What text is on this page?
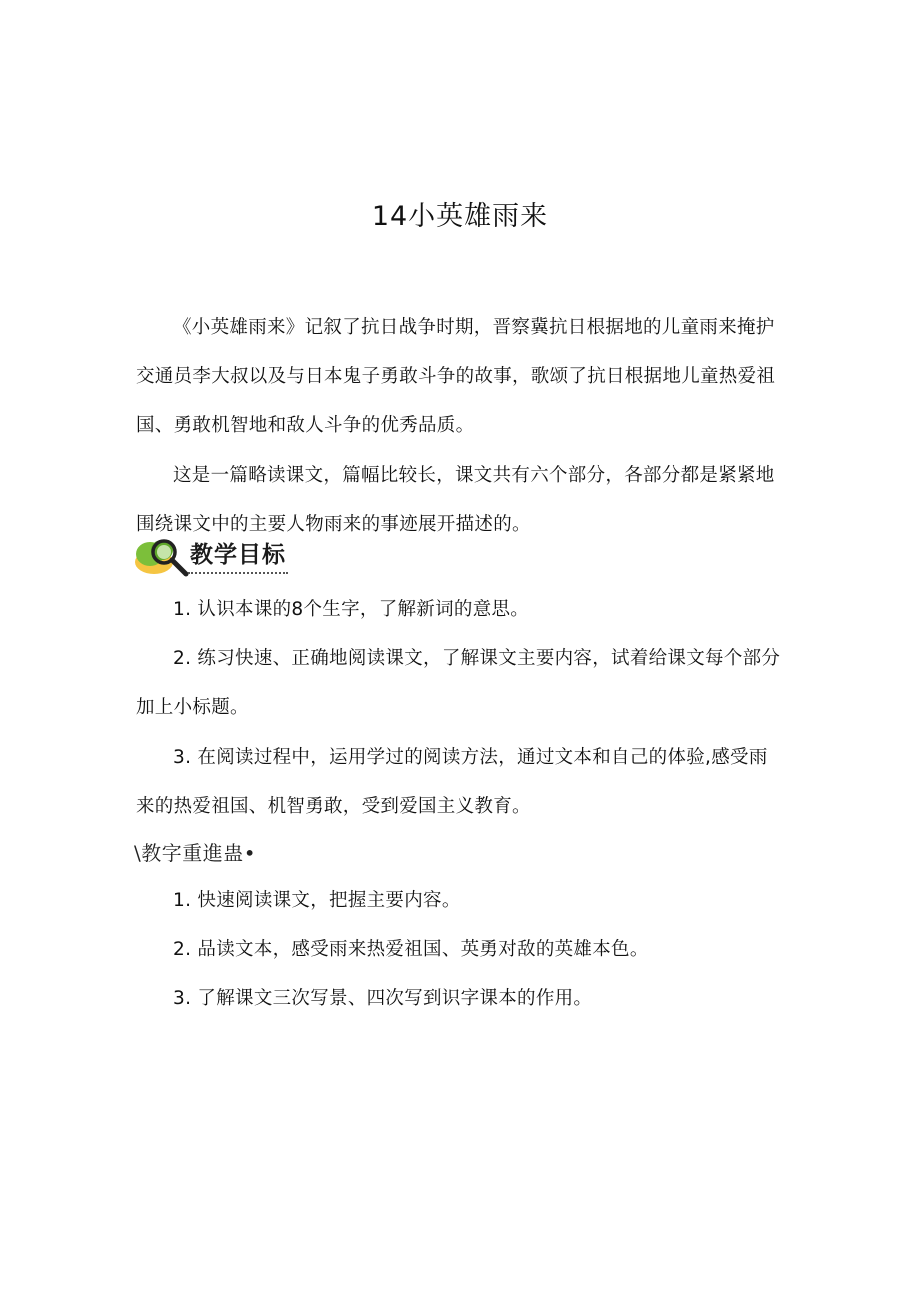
14小英雄雨来

《小英雄雨来》记叙了抗日战争时期，晋察冀抗日根据地的儿童雨来掩护交通员李大叔以及与日本鬼子勇敢斗争的故事，歌颂了抗日根据地儿童热爱祖国、勇敢机智地和敌人斗争的优秀品质。

这是一篇略读课文，篇幅比较长，课文共有六个部分，各部分都是紧紧地围绕课文中的主要人物雨来的事迹展开描述的。

教学目标

1. 认识本课的8个生字，了解新词的意思。

2. 练习快速、正确地阅读课文，了解课文主要内容，试着给课文每个部分加上小标题。

3. 在阅读过程中，运用学过的阅读方法，通过文本和自己的体验,感受雨来的热爱祖国、机智勇敢，受到爱国主义教育。

\教字重進蛊•

1. 快速阅读课文，把握主要内容。

2. 品读文本，感受雨来热爱祖国、英勇对敌的英雄本色。

3. 了解课文三次写景、四次写到识字课本的作用。
